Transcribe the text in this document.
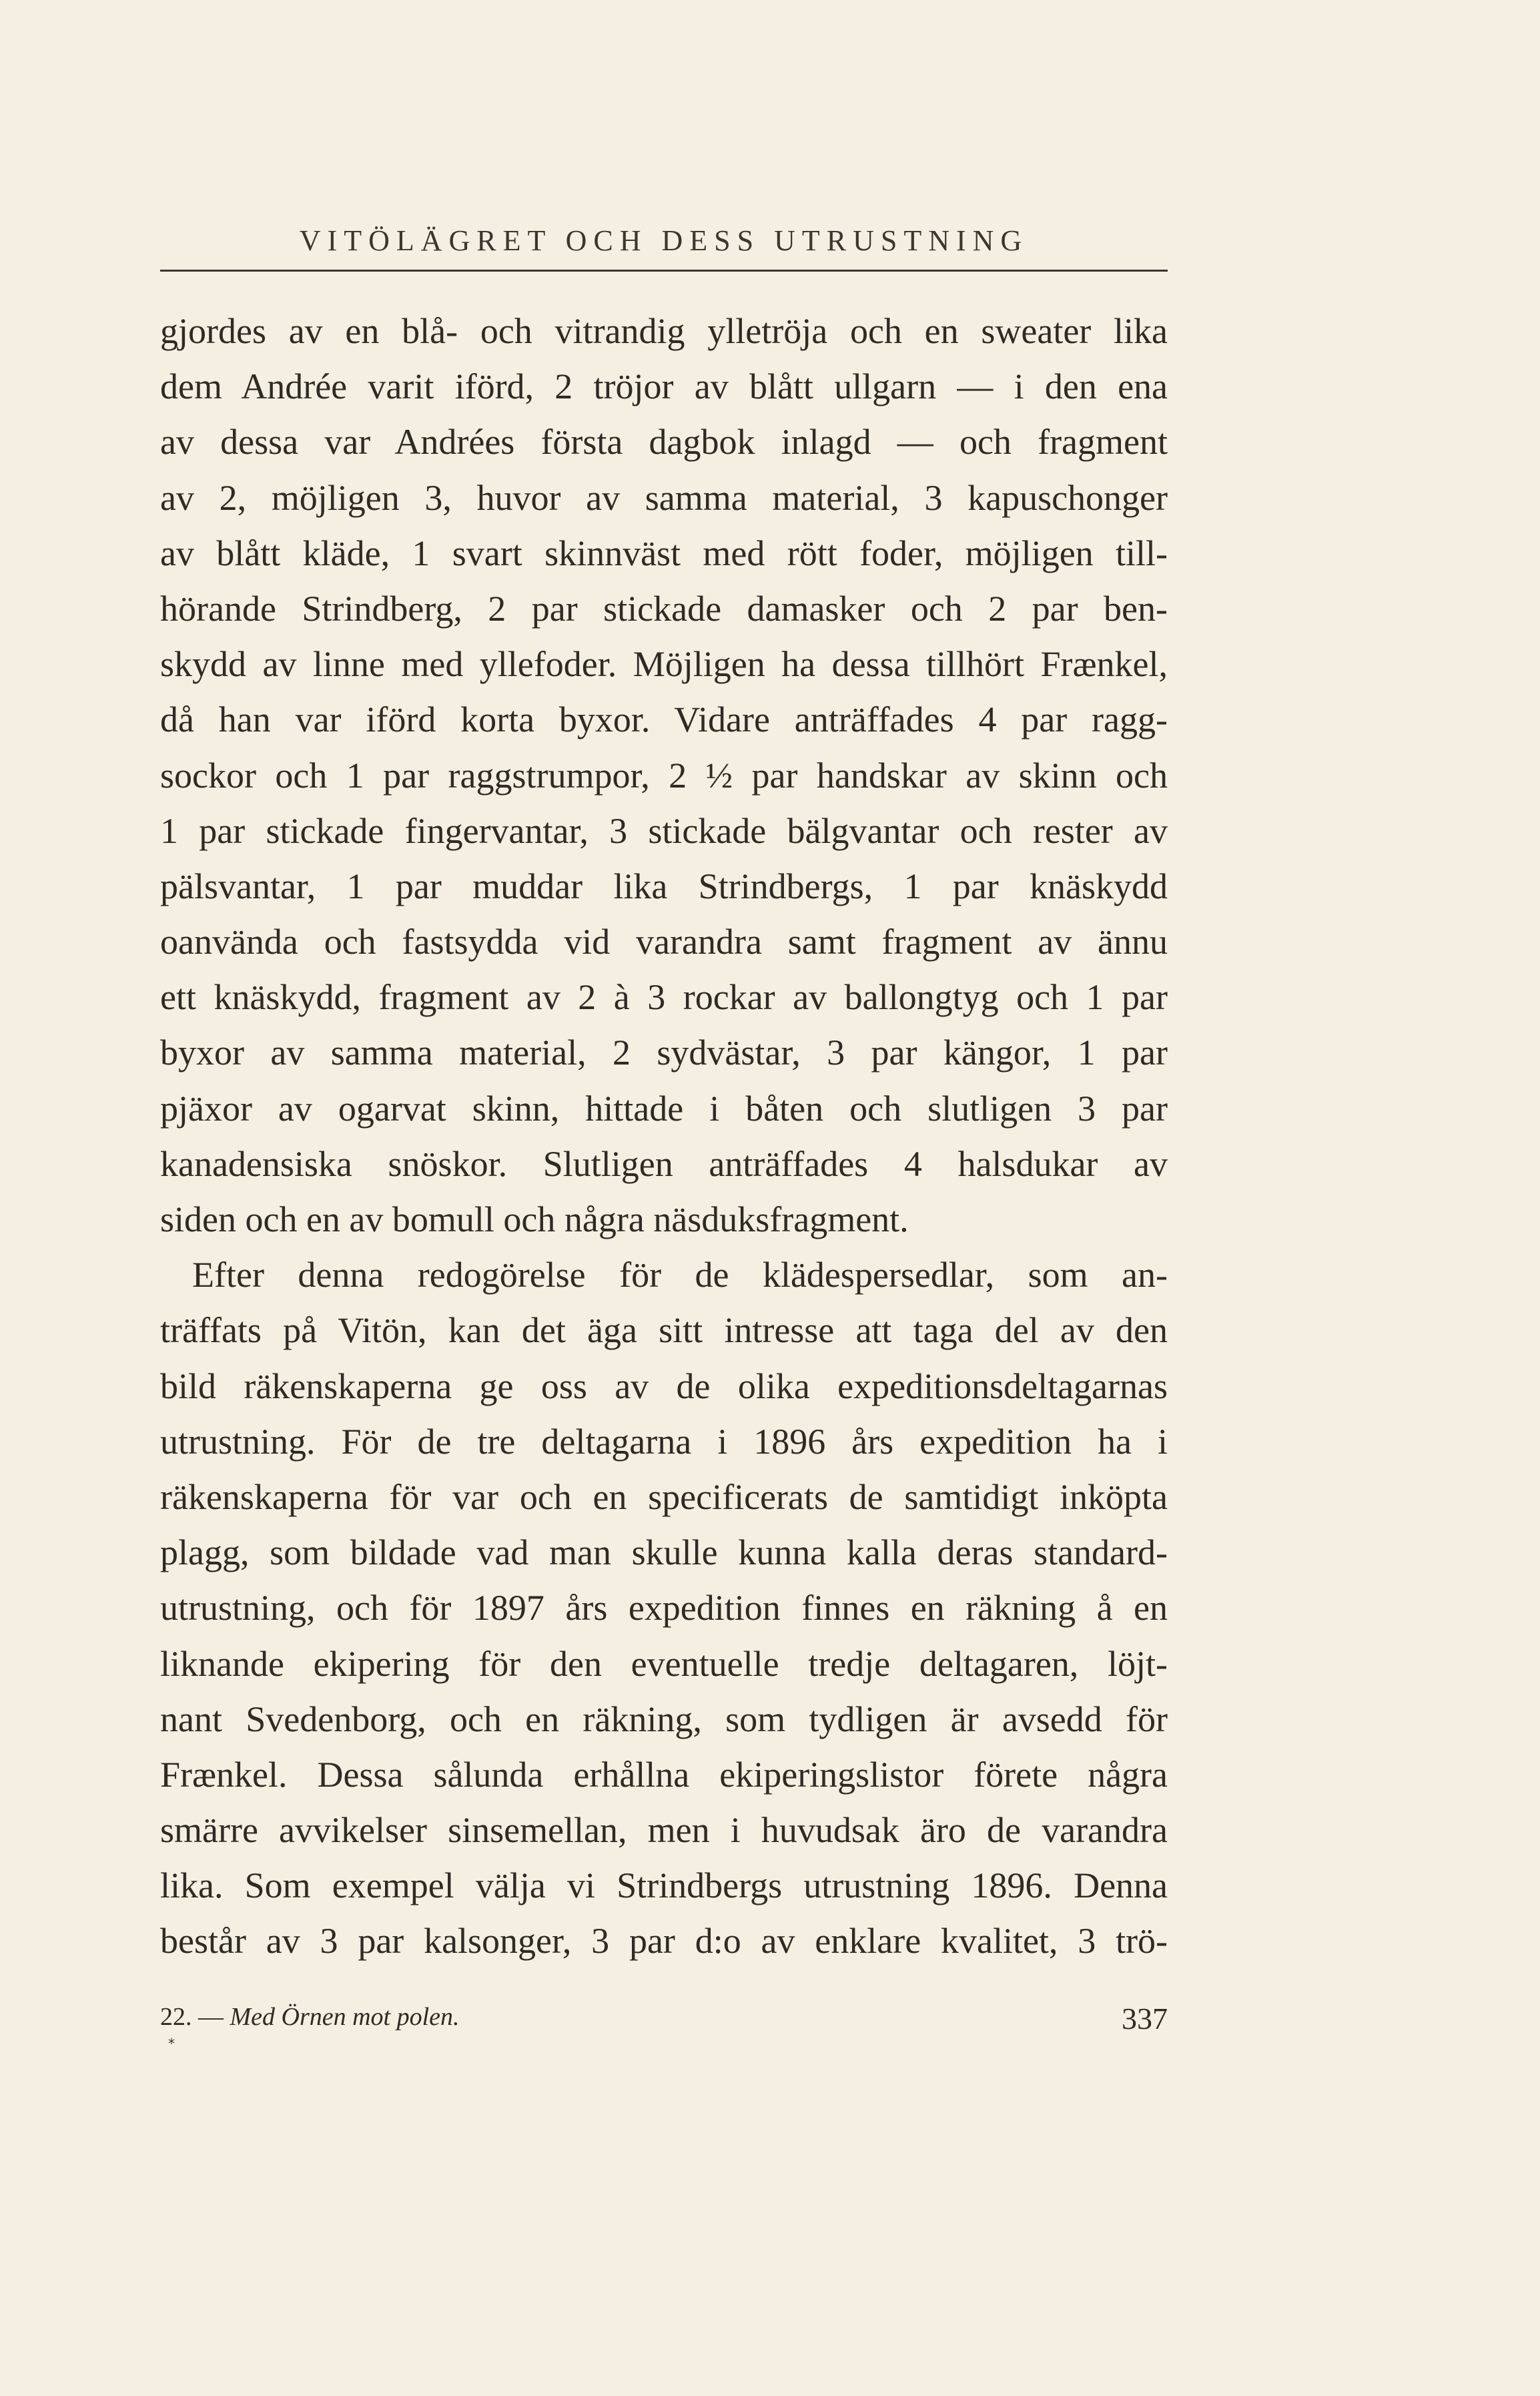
VITÖLÄGRET OCH DESS UTRUSTNING
gjordes av en blå- och vitrandig ylletröja och en sweater lika
dem Andrée varit iförd, 2 tröjor av blått ullgarn — i den ena
av dessa var Andrées första dagbok inlagd — och fragment
av 2, möjligen 3, huvor av samma material, 3 kapuschonger
av blått kläde, 1 svart skinnväst med rött foder, möjligen till-
hörande Strindberg, 2 par stickade damasker och 2 par ben-
skydd av linne med yllefoder. Möjligen ha dessa tillhört Frænkel,
då han var iförd korta byxor. Vidare anträffades 4 par ragg-
sockor och 1 par raggstrumpor, 2 ½ par handskar av skinn och
1 par stickade fingervantar, 3 stickade bälgvantar och rester av
pälsvantar, 1 par muddar lika Strindbergs, 1 par knäskydd
oanvända och fastsydda vid varandra samt fragment av ännu
ett knäskydd, fragment av 2 à 3 rockar av ballongtyg och 1 par
byxor av samma material, 2 sydvästar, 3 par kängor, 1 par
pjäxor av ogarvat skinn, hittade i båten och slutligen 3 par
kanadensiska snöskor. Slutligen anträffades 4 halsdukar av
siden och en av bomull och några näsduksfragment.
Efter denna redogörelse för de klädespersedlar, som an-
träffats på Vitön, kan det äga sitt intresse att taga del av den
bild räkenskaperna ge oss av de olika expeditionsdeltagarnas
utrustning. För de tre deltagarna i 1896 års expedition ha i
räkenskaperna för var och en specificerats de samtidigt inköpta
plagg, som bildade vad man skulle kunna kalla deras standard-
utrustning, och för 1897 års expedition finnes en räkning å en
liknande ekipering för den eventuelle tredje deltagaren, löjt-
nant Svedenborg, och en räkning, som tydligen är avsedd för
Frænkel. Dessa sålunda erhållna ekiperingslistor förete några
smärre avvikelser sinsemellan, men i huvudsak äro de varandra
lika. Som exempel välja vi Strindbergs utrustning 1896. Denna
består av 3 par kalsonger, 3 par d:o av enklare kvalitet, 3 trö-
22. — Med Örnen mot polen.
*
337
